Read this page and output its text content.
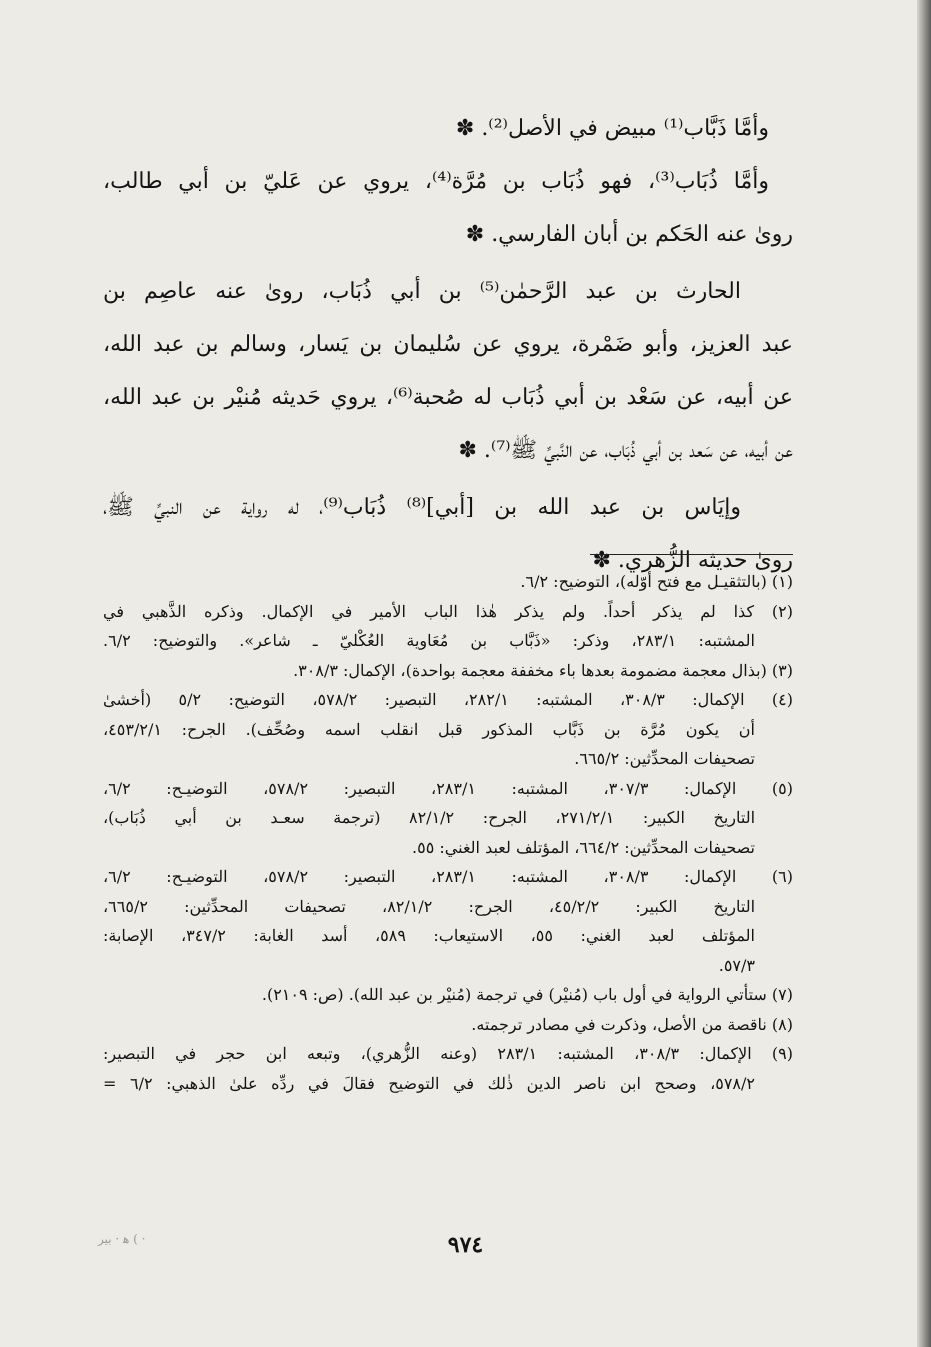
وأمَّا ذَبَّاب⁽¹⁾ مبيض في الأصل⁽²⁾. ✽
وأمَّا ذُبَاب⁽³⁾، فهو ذُبَاب بن مُرَّة⁽⁴⁾، يروي عن عَليّ بن أبي طالب،
روىٰ عنه الحَكم بن أبان الفارسي. ✽
الحارث بن عبد الرَّحمٰن⁽⁵⁾ بن أبي ذُبَاب، روىٰ عنه عاصِم بن
عبد العزيز، وأبو ضَمْرة، يروي عن سُليمان بن يَسار، وسالم بن عبد الله،
عن أبيه، عن سَعْد بن أبي ذُبَاب له صُحبة⁽⁶⁾، يروي حَديثه مُنيْر بن عبد الله،
عن أبيه، عن سَعد بن أبي ذُبَاب، عن النَّبيِّ ﷺ⁽⁷⁾. ✽
وإيَاس بن عبد الله بن [أبي]⁽⁸⁾ ذُبَاب⁽⁹⁾، له رواية عن النبيِّ ﷺ،
روىٰ حديثه الزُّهري. ✽
(١) (بالتثقيـل مع فتح أوّله)، التوضيح: ٦/٢.
(٢) كذا لم يذكر أحداً. ولم يذكر هٰذا الباب الأمير في الإكمال. وذكره الذَّهبي في
المشتبه: ٢٨٣/١، وذكر: «ذَبَّاب بن مُعَاوية العُكْليّ ـ شاعر». والتوضيح: ٦/٢.
(٣) (بذال معجمة مضمومة بعدها باء مخففة معجمة بواحدة)، الإكمال: ٣٠٨/٣.
(٤) الإكمال: ٣٠٨/٣، المشتبه: ٢٨٢/١، التبصير: ٥٧٨/٢، التوضيح: ٥/٢ (أخشىٰ
أن يكون مُرَّة بن ذَبَّاب المذكور قبل انقلب اسمه وصُحِّف). الجرح: ٤٥٣/٢/١،
تصحيفات المحدِّثين: ٦٦٥/٢.
(٥) الإكمال: ٣٠٧/٣، المشتبه: ٢٨٣/١، التبصير: ٥٧٨/٢، التوضيـح: ٦/٢،
التاريخ الكبير: ٢٧١/٢/١، الجرح: ٨٢/١/٢ (ترجمة سعـد بن أبي ذُبَاب)،
تصحيفات المحدِّثين: ٦٦٤/٢، المؤتلف لعبد الغني: ٥٥.
(٦) الإكمال: ٣٠٨/٣، المشتبه: ٢٨٣/١، التبصير: ٥٧٨/٢، التوضيـح: ٦/٢،
التاريخ الكبير: ٤٥/٢/٢، الجرح: ٨٢/١/٢، تصحيفات المحدِّثين: ٦٦٥/٢،
المؤتلف لعبد الغني: ٥٥، الاستيعاب: ٥٨٩، أسد الغابة: ٣٤٧/٢، الإصابة:
٥٧/٣.
(٧) ستأتي الرواية في أول باب (مُنيْر) في ترجمة (مُنيْر بن عبد الله). (ص: ٢١٠٩).
(٨) ناقصة من الأصل، وذكرت في مصادر ترجمته.
(٩) الإكمال: ٣٠٨/٣، المشتبه: ٢٨٣/١ (وعنه الزُّهري)، وتبعه ابن حجر في التبصير:
٥٧٨/٢، وصحح ابن ناصر الدين ذٰلك في التوضيح فقالَ في ردِّه علىٰ الذهبي: ٦/٢ =
٩٧٤
ﻫ · ﺑﯿﺮ ( ·
